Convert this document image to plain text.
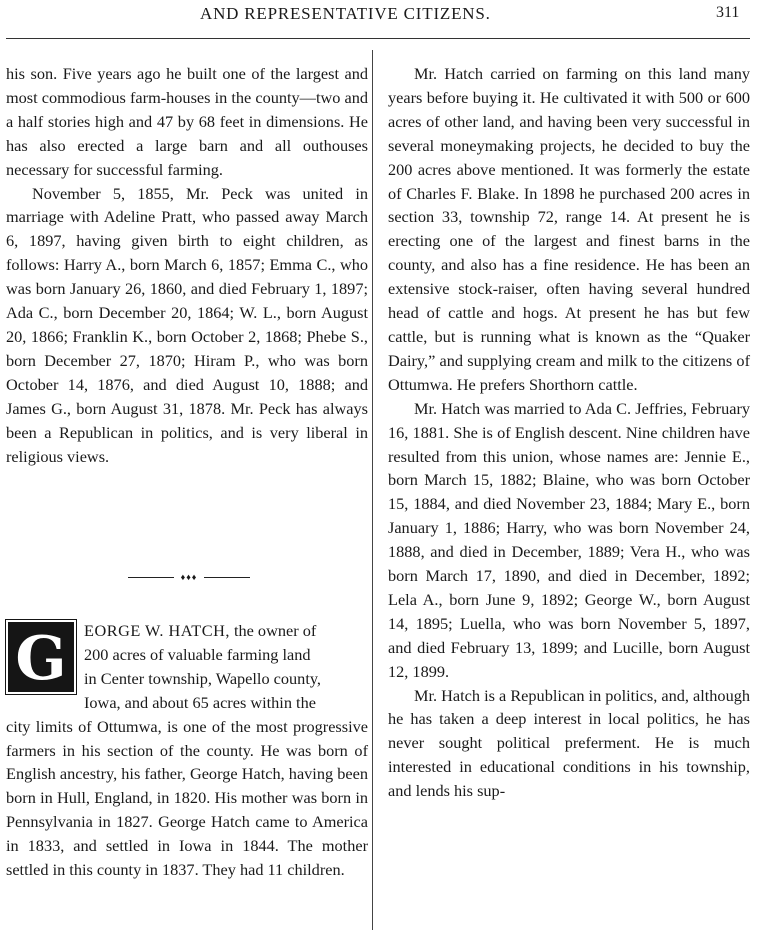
AND REPRESENTATIVE CITIZENS.	311

his son. Five years ago he built one of the largest and most commodious farm-houses in the county—two and a half stories high and 47 by 68 feet in dimensions. He has also erected a large barn and all outhouses necessary for successful farming.

November 5, 1855, Mr. Peck was united in marriage with Adeline Pratt, who passed away March 6, 1897, having given birth to eight children, as follows: Harry A., born March 6, 1857; Emma C., who was born January 26, 1860, and died February 1, 1897; Ada C., born December 20, 1864; W. L., born August 20, 1866; Franklin K., born October 2, 1868; Phebe S., born December 27, 1870; Hiram P., who was born October 14, 1876, and died August 10, 1888; and James G., born August 31, 1878. Mr. Peck has always been a Republican in politics, and is very liberal in religious views.

♦♦♦
G	EORGE W. HATCH, the owner of
200 acres of valuable farming land
in Center township, Wapello county,
Iowa, and about 65 acres within the

city limits of Ottumwa, is one of the most progressive farmers in his section of the county. He was born of English ancestry, his father, George Hatch, having been born in Hull, England, in 1820. His mother was born in Pennsylvania in 1827. George Hatch came to America in 1833, and settled in Iowa in 1844. The mother settled in this county in 1837. They had 11 children.

Mr. Hatch carried on farming on this land many years before buying it. He cultivated it with 500 or 600 acres of other land, and having been very successful in several moneymaking projects, he decided to buy the 200 acres above mentioned. It was formerly the estate of Charles F. Blake. In 1898 he purchased 200 acres in section 33, township 72, range 14. At present he is erecting one of the largest and finest barns in the county, and also has a fine residence. He has been an extensive stock-raiser, often having several hundred head of cattle and hogs. At present he has but few cattle, but is running what is known as the “Quaker Dairy,” and supplying cream and milk to the citizens of Ottumwa. He prefers Shorthorn cattle.

Mr. Hatch was married to Ada C. Jeffries, February 16, 1881. She is of English descent. Nine children have resulted from this union, whose names are: Jennie E., born March 15, 1882; Blaine, who was born October 15, 1884, and died November 23, 1884; Mary E., born January 1, 1886; Harry, who was born November 24, 1888, and died in December, 1889; Vera H., who was born March 17, 1890, and died in December, 1892; Lela A., born June 9, 1892; George W., born August 14, 1895; Luella, who was born November 5, 1897, and died February 13, 1899; and Lucille, born August 12, 1899.

Mr. Hatch is a Republican in politics, and, although he has taken a deep interest in local politics, he has never sought political preferment. He is much interested in educational conditions in his township, and lends his sup-
